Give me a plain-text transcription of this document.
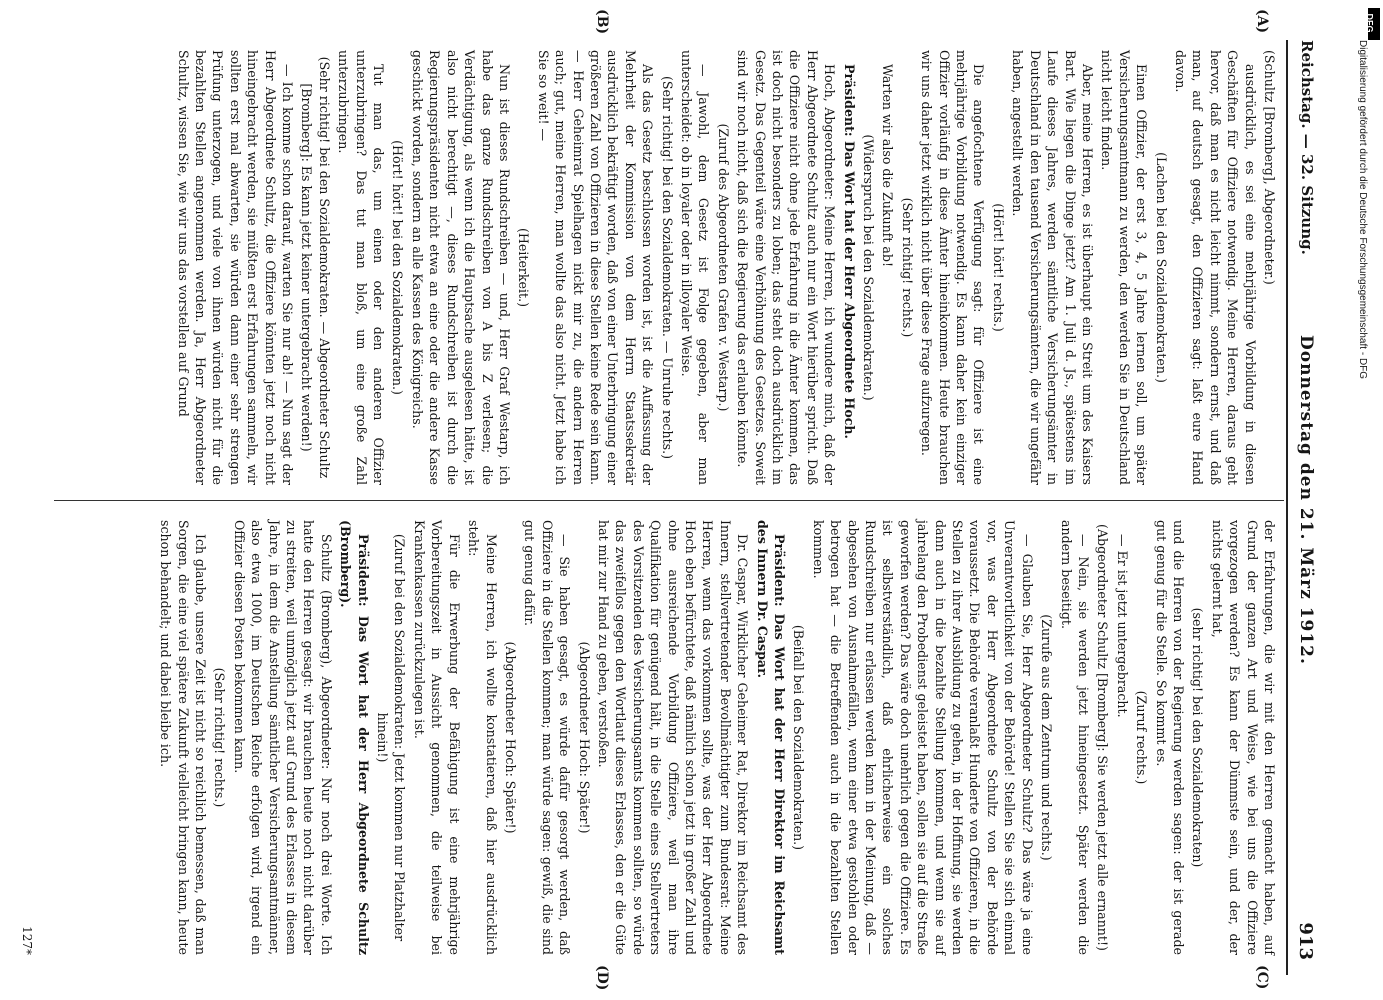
Reichstag. — 32. Sitzung.
Donnerstag den 21. März 1912.
913
(A)
(B)
(C)
(D)

(Schultz [Bromberg], Abgeordneter.)

ausdrücklich, es sei eine mehrjährige Vorbildung in diesen Geschäften für Offiziere notwendig. Meine Herren, daraus geht hervor, daß man es nicht leicht nimmt, sondern ernst, und daß man, auf deutsch gesagt, den Offizieren sagt: laßt eure Hand davon.

(Lachen bei den Sozialdemokraten.)

Einen Offizier, der erst 3, 4, 5 Jahre lernen soll, um später Versicherungsamtmann zu werden, den werden Sie in Deutschland nicht leicht finden.

Aber, meine Herren, es ist überhaupt ein Streit um des Kaisers Bart. Wie liegen die Dinge jetzt? Am 1. Juli d. Js., spätestens im Laufe dieses Jahres, werden sämtliche Versicherungsämter in Deutschland in den tausend Versicherungsämtern, die wir ungefähr haben, angestellt werden.

(Hört! hört! rechts.)

Die angefochtene Verfügung sagt: für Offiziere ist eine mehrjährige Vorbildung notwendig. Es kann daher kein einziger Offizier vorläufig in diese Ämter hineinkommen. Heute brauchen wir uns daher jetzt wirklich nicht über diese Frage aufzuregen.

(Sehr richtig! rechts.)

Warten wir also die Zukunft ab!

(Widerspruch bei den Sozialdemokraten.)

Präsident: Das Wort hat der Herr Abgeordnete Hoch.

Hoch, Abgeordneter: Meine Herren, ich wundere mich, daß der Herr Abgeordnete Schultz auch nur ein Wort hierüber spricht. Daß die Offiziere nicht ohne jede Erfahrung in die Ämter kommen, das ist doch nicht besonders zu loben; das steht doch ausdrücklich im Gesetz. Das Gegenteil wäre eine Verhöhnung des Gesetzes. Soweit sind wir noch nicht, daß sich die Regierung das erlauben könnte.

(Zuruf des Abgeordneten Grafen v. Westarp.)

— Jawohl, dem Gesetz ist Folge gegeben, aber man unterscheidet: ob in loyaler oder in illoyaler Weise.

(Sehr richtig! bei den Sozialdemokraten. — Unruhe rechts.)

Als das Gesetz beschlossen worden ist, ist die Auffassung der Mehrheit der Kommission von dem Herrn Staatssekretär ausdrücklich bekräftigt worden, daß von einer Unterbringung einer größeren Zahl von Offizieren in diese Stellen keine Rede sein kann. — Herr Geheimrat Spielhagen nickt mir zu, die andern Herren auch; gut, meine Herren, man wollte das also nicht. Jetzt habe ich Sie so weit! —

(Heiterkeit.)

Nun ist dieses Rundschreiben — und, Herr Graf Westarp, ich habe das ganze Rundschreiben von A bis Z verlesen; die Verdächtigung, als wenn ich die Hauptsache ausgelesen hätte, ist also nicht berechtigt —, dieses Rundschreiben ist durch die Regierungspräsidenten nicht etwa an eine oder die andere Kasse geschickt worden, sondern an alle Kassen des Königreichs.

(Hört! hört! bei den Sozialdemokraten.)

Tut man das, um einen oder den anderen Offizier unterzubringen? Das tut man bloß, um eine große Zahl unterzubringen.

(Sehr richtig! bei den Sozialdemokraten. — Abgeordneter Schultz [Bromberg]: Es kann jetzt keiner untergebracht werden!)

— Ich komme schon darauf, warten Sie nur ab! — Nun sagt der Herr Abgeordnete Schultz, die Offiziere könnten jetzt noch nicht hineingebracht werden, sie müßten erst Erfahrungen sammeln, wir sollten erst mal abwarten, sie würden dann einer sehr strengen Prüfung unterzogen, und viele von ihnen würden nicht für die bezahlten Stellen angenommen werden. Ja, Herr Abgeordneter Schultz, wissen Sie, wie wir uns das vorstellen auf Grund

der Erfahrungen, die wir mit den Herren gemacht haben, auf Grund der ganzen Art und Weise, wie bei uns die Offiziere vorgezogen werden? Es kann der Dümmste sein, und der, der nichts gelernt hat,

(sehr richtig! bei den Sozialdemokraten)

und die Herren von der Regierung werden sagen: der ist gerade gut genug für die Stelle. So kommt es.

(Zuruf rechts.)

— Er ist jetzt untergebracht.

(Abgeordneter Schultz [Bromberg]: Sie werden jetzt alle ernannt!)

— Nein, sie werden jetzt hineingesetzt. Später werden die andern beseitigt.

(Zurufe aus dem Zentrum und rechts.)

— Glauben Sie, Herr Abgeordneter Schultz? Das wäre ja eine Unverantwortlichkeit von der Behörde! Stellen Sie sie sich einmal vor, was der Herr Abgeordnete Schultz von der Behörde voraussetzt. Die Behörde veranlaßt Hunderte von Offizieren, in die Stellen zu ihrer Ausbildung zu gehen, in der Hoffnung, sie werden dann auch in die bezahlte Stellung kommen, und wenn sie auf jahrelang den Probedienst geleistet haben, sollen sie auf die Straße geworfen werden? Das wäre doch unehrlich gegen die Offiziere. Es ist selbstverständlich, daß ehrlicherweise ein solches Rundschreiben nur erlassen werden kann in der Meinung, daß — abgesehen von Ausnahmefällen, wenn einer etwa gestohlen oder betrogen hat — die Betreffenden auch in die bezahlten Stellen kommen.

(Beifall bei den Sozialdemokraten.)

Präsident: Das Wort hat der Herr Direktor im Reichsamt des Innern Dr. Caspar.

Dr. Caspar, Wirklicher Geheimer Rat, Direktor im Reichsamt des Innern, stellvertretender Bevollmächtigter zum Bundesrat: Meine Herren, wenn das vorkommen sollte, was der Herr Abgeordnete Hoch eben befürchtete, daß nämlich schon jetzt in großer Zahl und ohne ausreichende Vorbildung Offiziere, weil man ihre Qualifikation für genügend hält, in die Stelle eines Stellvertreters des Vorsitzenden des Versicherungsamts kommen sollten, so würde das zweifellos gegen den Wortlaut dieses Erlasses, den er die Güte hat mir zur Hand zu geben, verstoßen.

(Abgeordneter Hoch: Später!)

— Sie haben gesagt, es würde dafür gesorgt werden, daß Offiziere in die Stellen kommen; man würde sagen: gewiß, die sind gut genug dafür.

(Abgeordneter Hoch: Später!)

Meine Herren, ich wollte konstatieren, daß hier ausdrücklich steht:

Für die Erwerbung der Befähigung ist eine mehrjährige Vorbereitungszeit in Aussicht genommen, die teilweise bei Krankenkassen zurückzulegen ist.

(Zuruf bei den Sozialdemokraten: Jetzt kommen nur Platzhalter hinein!)

Präsident: Das Wort hat der Herr Abgeordnete Schultz (Bromberg).

Schultz (Bromberg), Abgeordneter: Nur noch drei Worte. Ich hatte den Herren gesagt: wir brauchen heute noch nicht darüber zu streiten, weil unmöglich jetzt auf Grund des Erlasses in diesem Jahre, in dem die Anstellung sämtlicher Versicherungsamtmänner, also etwa 1000, im Deutschen Reiche erfolgen wird, irgend ein Offizier diesen Posten bekommen kann.

(Sehr richtig! rechts.)

Ich glaube, unsere Zeit ist nicht so reichlich bemessen, daß man Sorgen, die eine viel spätere Zukunft vielleicht bringen kann, heute schon behandelt; und dabei bleibe ich.

127*
Digitalisierung gefördert durch die Deutsche Forschungsgemeinschaft - DFG
DFG
